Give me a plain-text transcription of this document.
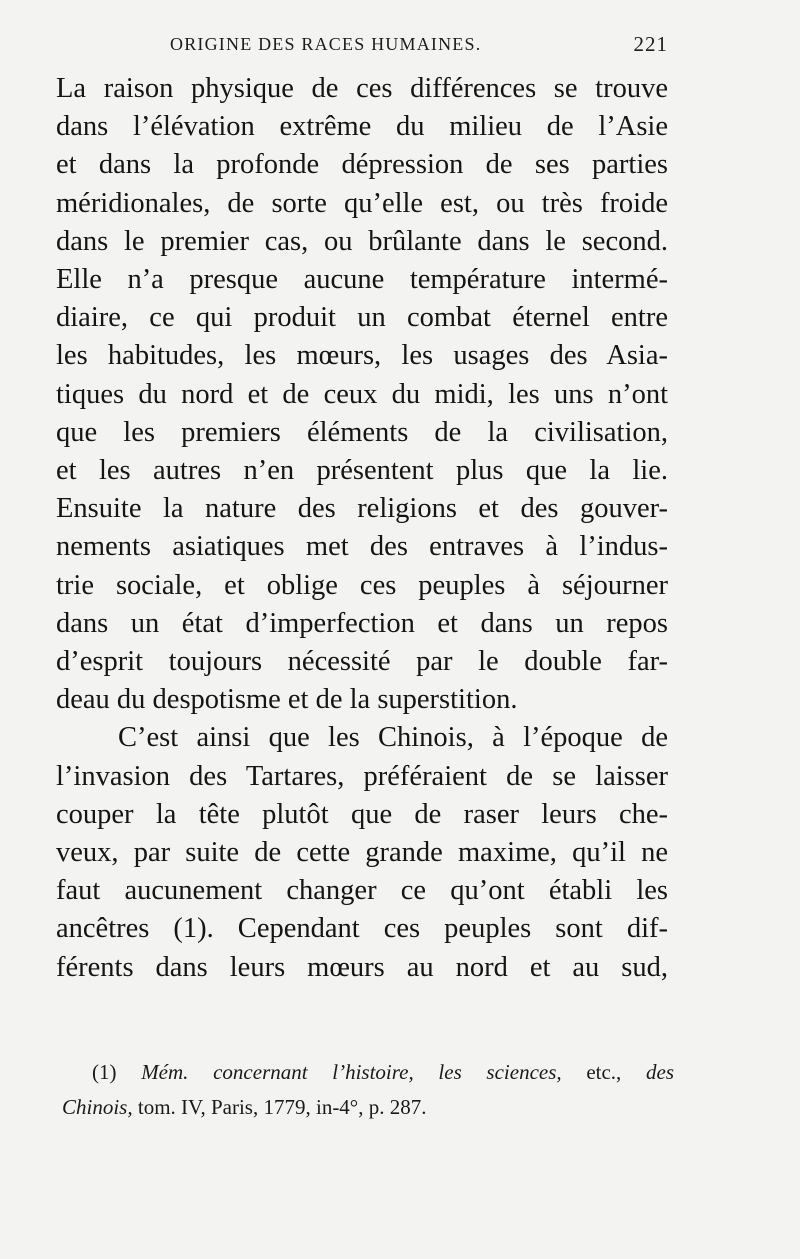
ORIGINE DES RACES HUMAINES.	221
La raison physique de ces différences se trouve
dans l’élévation extrême du milieu de l’Asie
et dans la profonde dépression de ses parties
méridionales, de sorte qu’elle est, ou très froide
dans le premier cas, ou brûlante dans le second.
Elle n’a presque aucune température intermé-
diaire, ce qui produit un combat éternel entre
les habitudes, les mœurs, les usages des Asia-
tiques du nord et de ceux du midi, les uns n’ont
que les premiers éléments de la civilisation,
et les autres n’en présentent plus que la lie.
Ensuite la nature des religions et des gouver-
nements asiatiques met des entraves à l’indus-
trie sociale, et oblige ces peuples à séjourner
dans un état d’imperfection et dans un repos
d’esprit toujours nécessité par le double far-
deau du despotisme et de la superstition.
C’est ainsi que les Chinois, à l’époque de
l’invasion des Tartares, préféraient de se laisser
couper la tête plutôt que de raser leurs che-
veux, par suite de cette grande maxime, qu’il ne
faut aucunement changer ce qu’ont établi les
ancêtres (1). Cependant ces peuples sont dif-
férents dans leurs mœurs au nord et au sud,
(1) Mém. concernant l’histoire, les sciences, etc., des
Chinois, tom. IV, Paris, 1779, in-4°, p. 287.
